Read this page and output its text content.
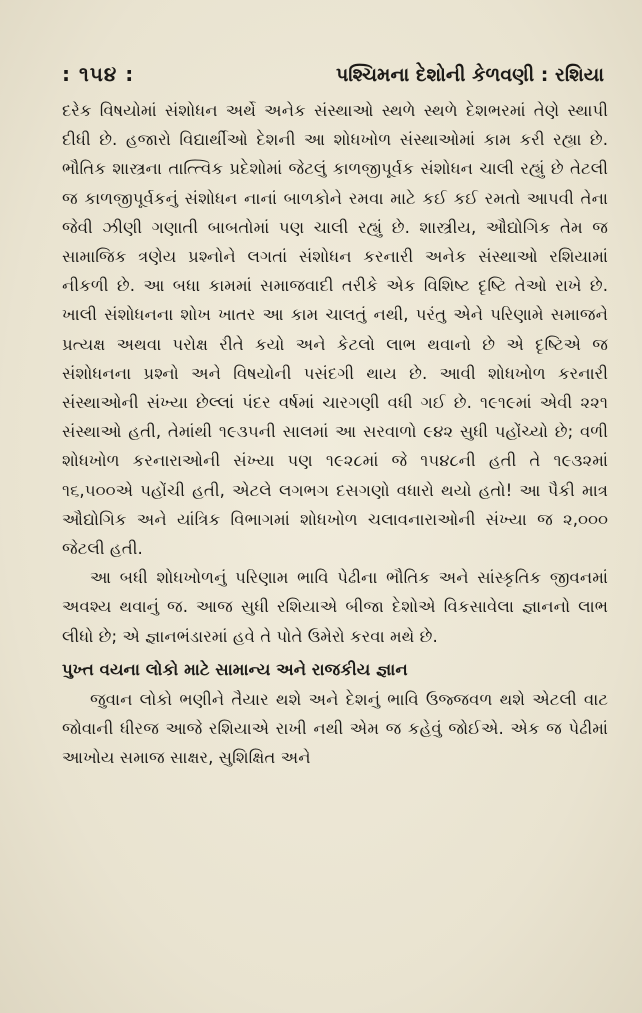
: ૧૫૪ :	પશ્ચિમના દેશોની કેળવણી : રશિયા

દરેક વિષયોમાં સંશોધન અર્થે અનેક સંસ્થાઓ સ્થળે સ્થળે દેશભરમાં તેણે સ્થાપી દીધી છે. હજારો વિદ્યાર્થીઓ દેશની આ શોધખોળ સંસ્થાઓમાં કામ કરી રહ્યા છે. ભૌતિક શાસ્ત્રના તાત્ત્વિક પ્રદેશોમાં જેટલું કાળજીપૂર્વક સંશોધન ચાલી રહ્યું છે તેટલી જ કાળજીપૂર્વકનું સંશોધન નાનાં બાળકોને રમવા માટે કઈ કઈ રમતો આપવી તેના જેવી ઝીણી ગણાતી બાબતોમાં પણ ચાલી રહ્યું છે. શાસ્ત્રીય, ઔદ્યોગિક તેમ જ સામાજિક ત્રણેય પ્રશ્નોને લગતાં સંશોધન કરનારી અનેક સંસ્થાઓ રશિયામાં નીકળી છે. આ બધા કામમાં સમાજવાદી તરીકે એક વિશિષ્ટ દૃષ્ટિ તેઓ રાખે છે. ખાલી સંશોધનના શોખ ખાતર આ કામ ચાલતું નથી, પરંતુ એને પરિણામે સમાજને પ્રત્યક્ષ અથવા પરોક્ષ રીતે કયો અને કેટલો લાભ થવાનો છે એ દૃષ્ટિએ જ સંશોધનના પ્રશ્નો અને વિષયોની પસંદગી થાય છે. આવી શોધખોળ કરનારી સંસ્થાઓની સંખ્યા છેલ્લાં પંદર વર્ષમાં ચારગણી વધી ગઈ છે. ૧૯૧૯માં એવી ૨૨૧ સંસ્થાઓ હતી, તેમાંથી ૧૯૩૫ની સાલમાં આ સરવાળો ૯૪૨ સુધી પહોંચ્યો છે; વળી શોધખોળ કરનારાઓની સંખ્યા પણ ૧૯૨૮માં જે ૧૫૪૮ની હતી તે ૧૯૩૨માં ૧૬,૫૦૦એ પહોંચી હતી, એટલે લગભગ દસગણો વધારો થયો હતો! આ પૈકી માત્ર ઔદ્યોગિક અને યાંત્રિક વિભાગમાં શોધખોળ ચલાવનારાઓની સંખ્યા જ ૨,૦૦૦ જેટલી હતી.

આ બધી શોધખોળનું પરિણામ ભાવિ પેઢીના ભૌતિક અને સાંસ્કૃતિક જીવનમાં અવશ્ય થવાનું જ. આજ સુધી રશિયાએ બીજા દેશોએ વિકસાવેલા જ્ઞાનનો લાભ લીધો છે; એ જ્ઞાનભંડારમાં હવે તે પોતે ઉમેરો કરવા મથે છે.

પુખ્ત વયના લોકો માટે સામાન્ય અને રાજકીય જ્ઞાન

જુવાન લોકો ભણીને તૈયાર થશે અને દેશનું ભાવિ ઉજ્જવળ થશે એટલી વાટ જોવાની ધીરજ આજે રશિયાએ રાખી નથી એમ જ કહેવું જોઈએ. એક જ પેઢીમાં આખોય સમાજ સાક્ષર, સુશિક્ષિત અને
